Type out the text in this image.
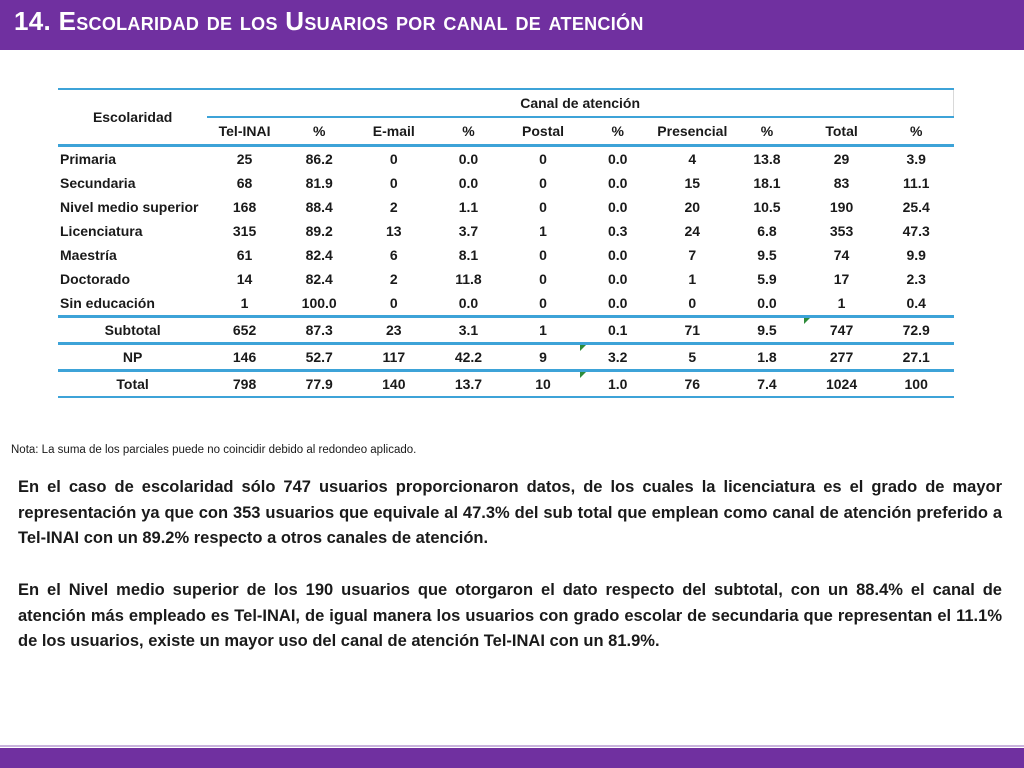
14. Escolaridad de los Usuarios por canal de atención
Escolaridad	Canal de atención									
	Tel-INAI	%	E-mail	%	Postal	%	Presencial	%	Total	%
Primaria	25	86.2	0	0.0	0	0.0	4	13.8	29	3.9
Secundaria	68	81.9	0	0.0	0	0.0	15	18.1	83	11.1
Nivel medio superior	168	88.4	2	1.1	0	0.0	20	10.5	190	25.4
Licenciatura	315	89.2	13	3.7	1	0.3	24	6.8	353	47.3
Maestría	61	82.4	6	8.1	0	0.0	7	9.5	74	9.9
Doctorado	14	82.4	2	11.8	0	0.0	1	5.9	17	2.3
Sin educación	1	100.0	0	0.0	0	0.0	0	0.0	1	0.4
Subtotal	652	87.3	23	3.1	1	0.1	71	9.5	747	72.9
NP	146	52.7	117	42.2	9	3.2	5	1.8	277	27.1
Total	798	77.9	140	13.7	10	1.0	76	7.4	1024	100
Nota: La suma de los parciales puede no coincidir debido al redondeo aplicado.

En el caso de escolaridad sólo 747 usuarios proporcionaron datos, de los cuales la licenciatura es el grado de mayor representación ya que con 353 usuarios que equivale al 47.3% del sub total que emplean como canal de atención preferido a Tel-INAI con un 89.2% respecto a otros canales de atención.

En el Nivel medio superior de los 190 usuarios que otorgaron el dato respecto del subtotal, con un 88.4% el canal de atención más empleado es Tel-INAI, de igual manera los usuarios con grado escolar de secundaria que representan el 11.1% de los usuarios, existe un mayor uso del canal de atención Tel-INAI con un 81.9%.
